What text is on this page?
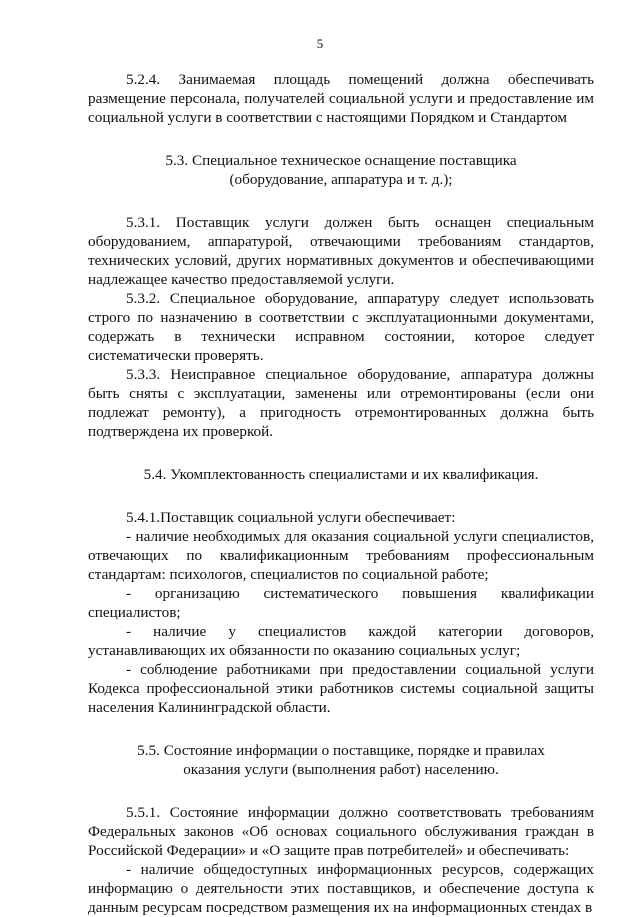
5

5.2.4. Занимаемая площадь помещений должна обеспечивать размещение персонала, получателей социальной услуги и предоставление им социальной услуги в соответствии с настоящими Порядком и Стандартом

5.3. Специальное техническое оснащение поставщика

(оборудование, аппаратура и т. д.);

5.3.1. Поставщик услуги должен быть оснащен специальным оборудованием, аппаратурой, отвечающими требованиям стандартов, технических условий, других нормативных документов и обеспечивающими надлежащее качество предоставляемой услуги.

5.3.2. Специальное оборудование, аппаратуру следует использовать строго по назначению в соответствии с эксплуатационными документами, содержать в технически исправном состоянии, которое следует систематически проверять.

5.3.3. Неисправное специальное оборудование, аппаратура должны быть сняты с эксплуатации, заменены или отремонтированы (если они подлежат ремонту), а пригодность отремонтированных должна быть подтверждена их проверкой.

5.4. Укомплектованность специалистами и их квалификация.

5.4.1.Поставщик социальной услуги обеспечивает:

- наличие необходимых для оказания социальной услуги специалистов, отвечающих по квалификационным требованиям профессиональным стандартам: психологов, специалистов по социальной работе;

- организацию систематического повышения квалификации специалистов;

- наличие у специалистов каждой категории договоров, устанавливающих их обязанности по оказанию социальных услуг;

- соблюдение работниками при предоставлении социальной услуги Кодекса профессиональной этики работников системы социальной защиты населения Калининградской области.

5.5. Состояние информации о поставщике, порядке и правилах

оказания услуги (выполнения работ) населению.

5.5.1. Состояние информации должно соответствовать требованиям Федеральных законов «Об основах социального обслуживания граждан в Российской Федерации» и «О защите прав потребителей» и обеспечивать:

- наличие общедоступных информационных ресурсов, содержащих информацию о деятельности этих поставщиков, и обеспечение доступа к данным ресурсам посредством размещения их на информационных стендах в
